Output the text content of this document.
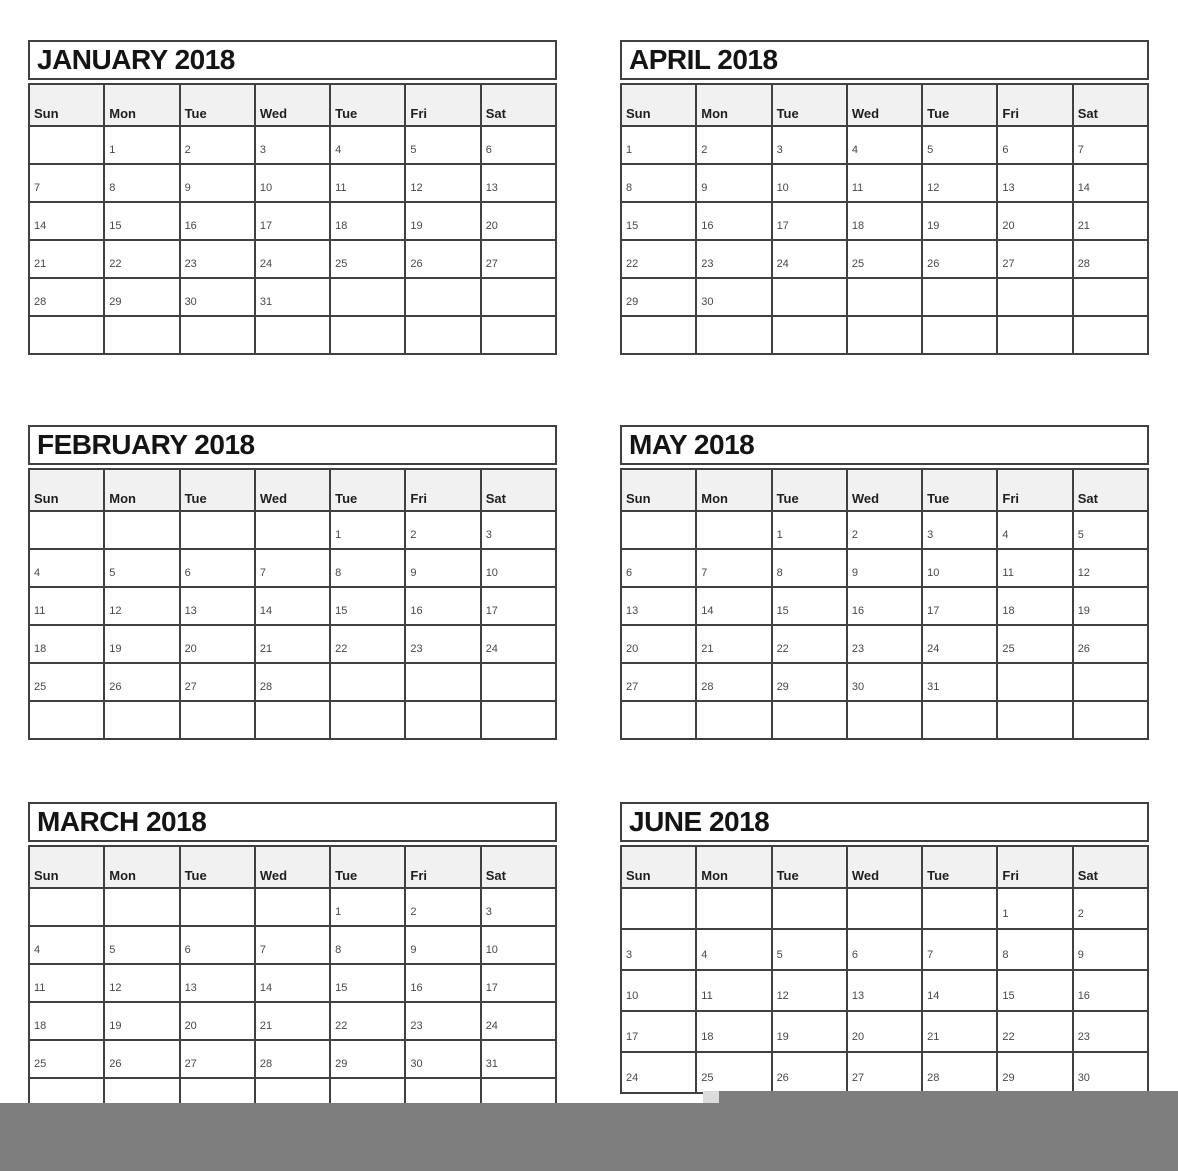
JANUARY 2018
Sun	Mon	Tue	Wed	Tue	Fri	Sat
	1	2	3	4	5	6
7	8	9	10	11	12	13
14	15	16	17	18	19	20
21	22	23	24	25	26	27
28	29	30	31			

APRIL 2018
Sun	Mon	Tue	Wed	Tue	Fri	Sat
1	2	3	4	5	6	7
8	9	10	11	12	13	14
15	16	17	18	19	20	21
22	23	24	25	26	27	28
29	30					

FEBRUARY 2018
Sun	Mon	Tue	Wed	Tue	Fri	Sat
				1	2	3
4	5	6	7	8	9	10
11	12	13	14	15	16	17
18	19	20	21	22	23	24
25	26	27	28			

MAY 2018
Sun	Mon	Tue	Wed	Tue	Fri	Sat
		1	2	3	4	5
6	7	8	9	10	11	12
13	14	15	16	17	18	19
20	21	22	23	24	25	26
27	28	29	30	31		

MARCH 2018
Sun	Mon	Tue	Wed	Tue	Fri	Sat
				1	2	3
4	5	6	7	8	9	10
11	12	13	14	15	16	17
18	19	20	21	22	23	24
25	26	27	28	29	30	31

JUNE 2018
Sun	Mon	Tue	Wed	Tue	Fri	Sat
					1	2
3	4	5	6	7	8	9
10	11	12	13	14	15	16
17	18	19	20	21	22	23
24	25	26	27	28	29	30
